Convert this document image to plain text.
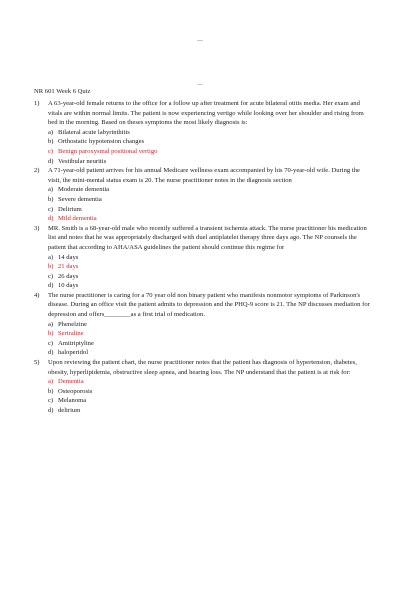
—
—
NR 601 Week 6 Quiz
1) A 63-year-old female returns to the office for a follow up after treatment for acute bilateral otitis media. Her exam and vitals are within normal limits. The patient is now experiencing vertigo while looking over her shoulder and rising from bed in the morning. Based on theses symptoms the most likely diagnosis is:

a) Bilateral acute labyrinthitis
b) Orthostatic hypotension changes
c) Benign paroxysmal positional vertigo
d) Vestibular neuritis
2) A 71-year-old patient arrives for his annual Medicare wellness exam accompanied by his 70-year-old wife. During the visit, the mini-mental status exam is 20. The nurse practitioner notes in the diagnosis section

a) Moderate dementia
b) Severe dementia
c) Delirium
d) Mild dementia
3) MR. Smith is a 68-year-old male who recently suffered a transient ischemia attack. The nurse practitioner his medication list and notes that he was appropriately discharged with duel antiplatelet therapy three days ago. The NP counsels the patient that according to AHA/ASA guidelines the patient should continue this regime for

a) 14 days
b) 21 days
c) 26 days
d) 10 days
4) The nurse practitioner is caring for a 70 year old non binary patient who manifests nonmotor symptoms of Parkinson's disease. During an office visit the patient admits to depression and the PHQ-9 score is 21. The NP discusses mediation for depression and offers________as a first trial of medication.

a) Phenelzine
b) Sertraline
c) Amitriptyline
d) haloperidol
5) Upon reviewing the patient chart, the nurse practitioner notes that the patient has diagnosis of hypertension, diabetes, obesity, hyperlipidemia, obstructive sleep apnea, and hearing loss. The NP understand that the patient is at risk for:

a) Dementia
b) Osteoporosis
c) Melanoma
d) delirium
